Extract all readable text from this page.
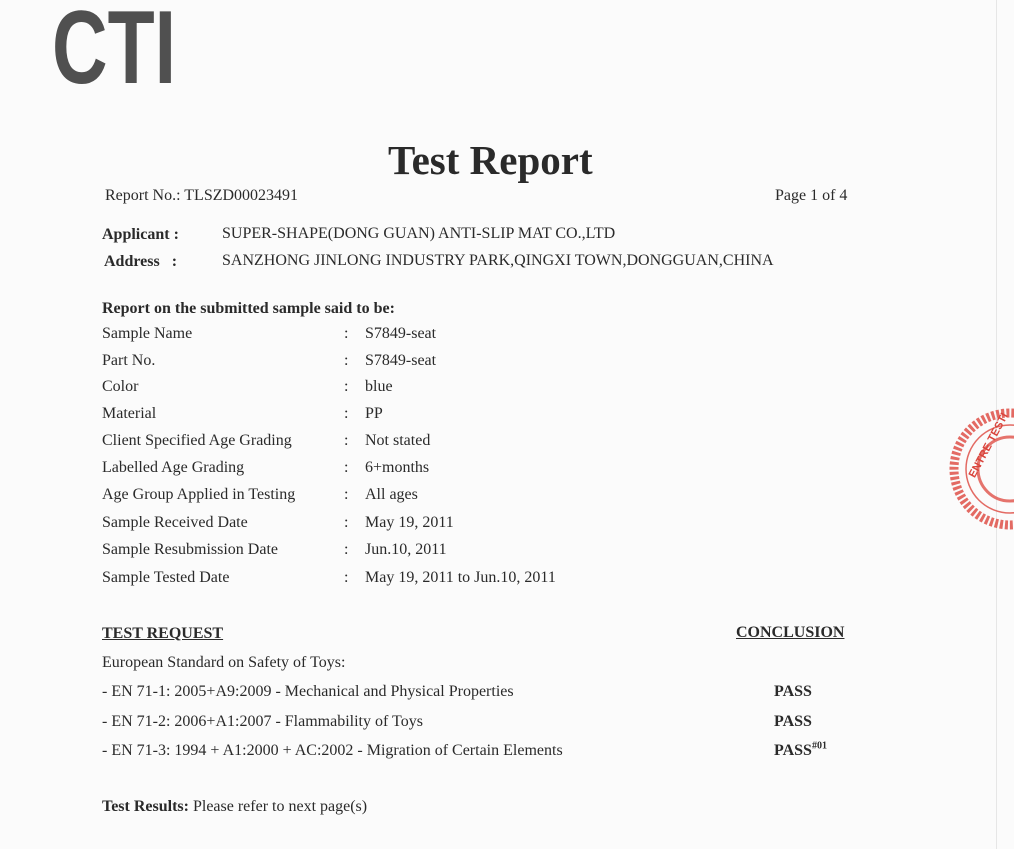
CTI
Test Report
Report No.: TLSZD00023491	Page 1 of 4
Applicant :	SUPER-SHAPE(DONG GUAN) ANTI-SLIP MAT CO.,LTD
Address   :	SANZHONG JINLONG INDUSTRY PARK,QINGXI TOWN,DONGGUAN,CHINA
Report on the submitted sample said to be:
Sample Name	: S7849-seat
Part No.	: S7849-seat
Color	: blue
Material	: PP
Client Specified Age Grading	: Not stated
Labelled Age Grading	: 6+months
Age Group Applied in Testing	: All ages
Sample Received Date	: May 19, 2011
Sample Resubmission Date	: Jun.10, 2011
Sample Tested Date	: May 19, 2011 to Jun.10, 2011
TEST REQUEST	CONCLUSION
European Standard on Safety of Toys:
- EN 71-1: 2005+A9:2009 - Mechanical and Physical Properties	PASS
- EN 71-2: 2006+A1:2007 - Flammability of Toys	PASS
- EN 71-3: 1994 + A1:2000 + AC:2002 - Migration of Certain Elements	PASS$^{\#01}$
Test Results: Please refer to next page(s)
ENTRE TESTI
